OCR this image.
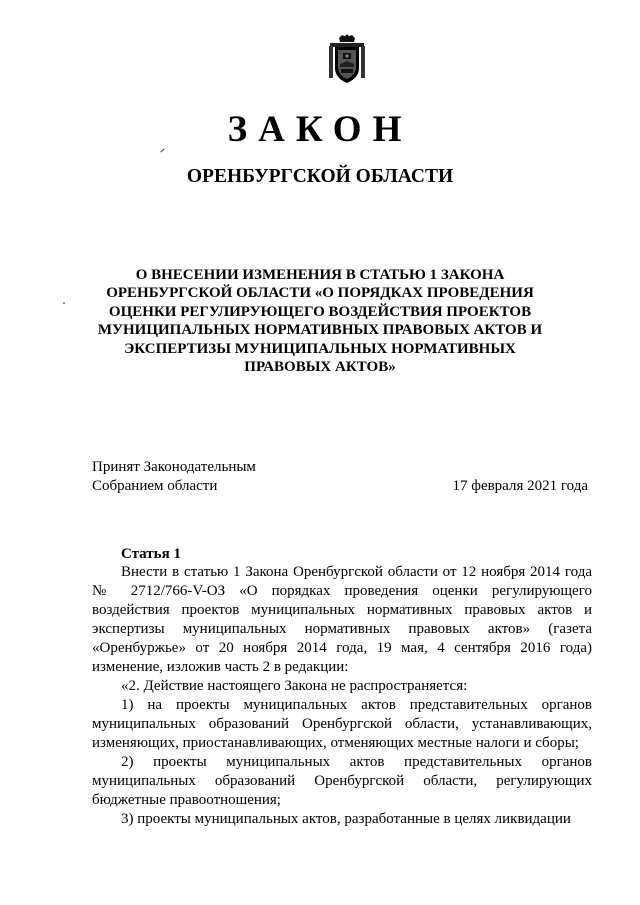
ЗАКОН
ОРЕНБУРГСКОЙ ОБЛАСТИ
О ВНЕСЕНИИ ИЗМЕНЕНИЯ В СТАТЬЮ 1 ЗАКОНА ОРЕНБУРГСКОЙ ОБЛАСТИ «О ПОРЯДКАХ ПРОВЕДЕНИЯ ОЦЕНКИ РЕГУЛИРУЮЩЕГО ВОЗДЕЙСТВИЯ ПРОЕКТОВ МУНИЦИПАЛЬНЫХ НОРМАТИВНЫХ ПРАВОВЫХ АКТОВ И ЭКСПЕРТИЗЫ МУНИЦИПАЛЬНЫХ НОРМАТИВНЫХ ПРАВОВЫХ АКТОВ»
Принят Законодательным
Собранием области	17 февраля 2021 года
Статья 1

Внести в статью 1 Закона Оренбургской области от 12 ноября 2014 года № 2712/766-V-ОЗ «О порядках проведения оценки регулирующего воздействия проектов муниципальных нормативных правовых актов и экспертизы муниципальных нормативных правовых актов» (газета «Оренбуржье» от 20 ноября 2014 года, 19 мая, 4 сентября 2016 года) изменение, изложив часть 2 в редакции:

«2. Действие настоящего Закона не распространяется:

1) на проекты муниципальных актов представительных органов муниципальных образований Оренбургской области, устанавливающих, изменяющих, приостанавливающих, отменяющих местные налоги и сборы;

2) проекты муниципальных актов представительных органов муниципальных образований Оренбургской области, регулирующих бюджетные правоотношения;

3) проекты муниципальных актов, разработанные в целях ликвидации
